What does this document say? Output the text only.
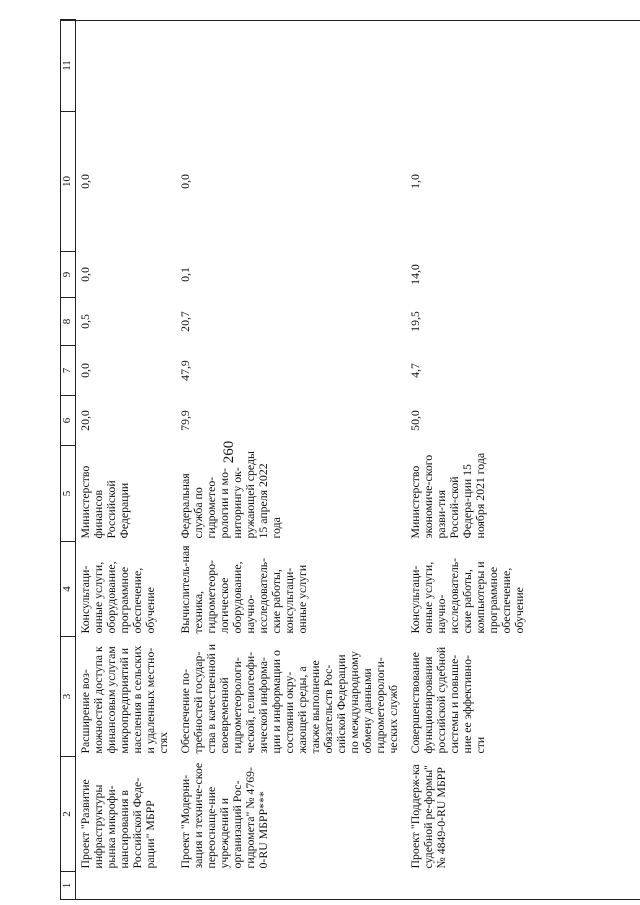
260
1	2	3	4	5	6	7	8	9	10	11
	Проект "Развитие инфраструктуры рынка микрофи-нансирования в Российской Феде-рации" МБРР	Расширение воз-можностей доступа к финансовым услугам микропредприятий и населения в сельских и удаленных местно-стях	Консультаци-онные услуги, оборудование, программное обеспечение, обучение	Министерство финансов Российской Федерации	20,0	0,0	0,5	0,0	0,0	
	Проект "Модерни-зация и техниче-ское переоснаще-ние учреждений и организаций Рос-гидромета" № 4769-0-RU МБРР***	Обеспечение по-требностей государ-ства в качественной и своевременной гидрометеорологи-ческой, гелиогеофи-зической информа-ции и информации о состоянии окру-жающей среды, а также выполнение обязательств Рос-сийской Федерации по международному обмену данными гидрометеорологи-ческих служб	Вычислитель-ная техника, гидрометеоро-логическое оборудование, научно-исследователь-ские работы, консультаци-онные услуги	Федеральная служба по гидрометео-рологии и мо-ниторингу ок-ружающей среды 15 апреля 2022 года	79,9	47,9	20,7	0,1	0,0	
	Проект "Поддерж-ка судебной ре-формы" № 4849-0-RU МБРР	Совершенствование функционирования российской судебной системы и повыше-ние ее эффективно-сти	Консультаци-онные услуги, научно-исследователь-ские работы, компьютеры и программное обеспечение, обучение	Министерство экономиче-ского разви-тия Россий-ской Федера-ции 15 ноября 2021 года	50,0	4,7	19,5	14,0	1,0	
